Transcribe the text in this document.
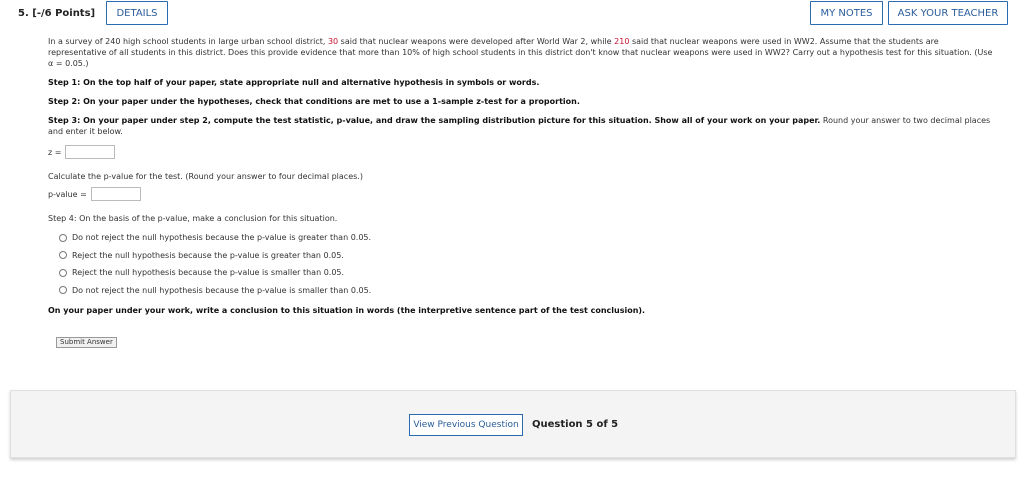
5. [-/6 Points]	DETAILS	MY NOTES	ASK YOUR TEACHER

In a survey of 240 high school students in large urban school district, 30 said that nuclear weapons were developed after World War 2, while 210 said that nuclear weapons were used in WW2. Assume that the students are representative of all students in this district. Does this provide evidence that more than 10% of high school students in this district don't know that nuclear weapons were used in WW2? Carry out a hypothesis test for this situation. (Use α = 0.05.)

Step 1: On the top half of your paper, state appropriate null and alternative hypothesis in symbols or words.

Step 2: On your paper under the hypotheses, check that conditions are met to use a 1-sample z-test for a proportion.

Step 3: On your paper under step 2, compute the test statistic, p-value, and draw the sampling distribution picture for this situation. Show all of your work on your paper. Round your answer to two decimal places and enter it below.

z =

Calculate the p-value for the test. (Round your answer to four decimal places.)

p-value =

Step 4: On the basis of the p-value, make a conclusion for this situation.

Do not reject the null hypothesis because the p-value is greater than 0.05.
Reject the null hypothesis because the p-value is greater than 0.05.
Reject the null hypothesis because the p-value is smaller than 0.05.
Do not reject the null hypothesis because the p-value is smaller than 0.05.

On your paper under your work, write a conclusion to this situation in words (the interpretive sentence part of the test conclusion).

Submit Answer
View Previous Question	Question 5 of 5
